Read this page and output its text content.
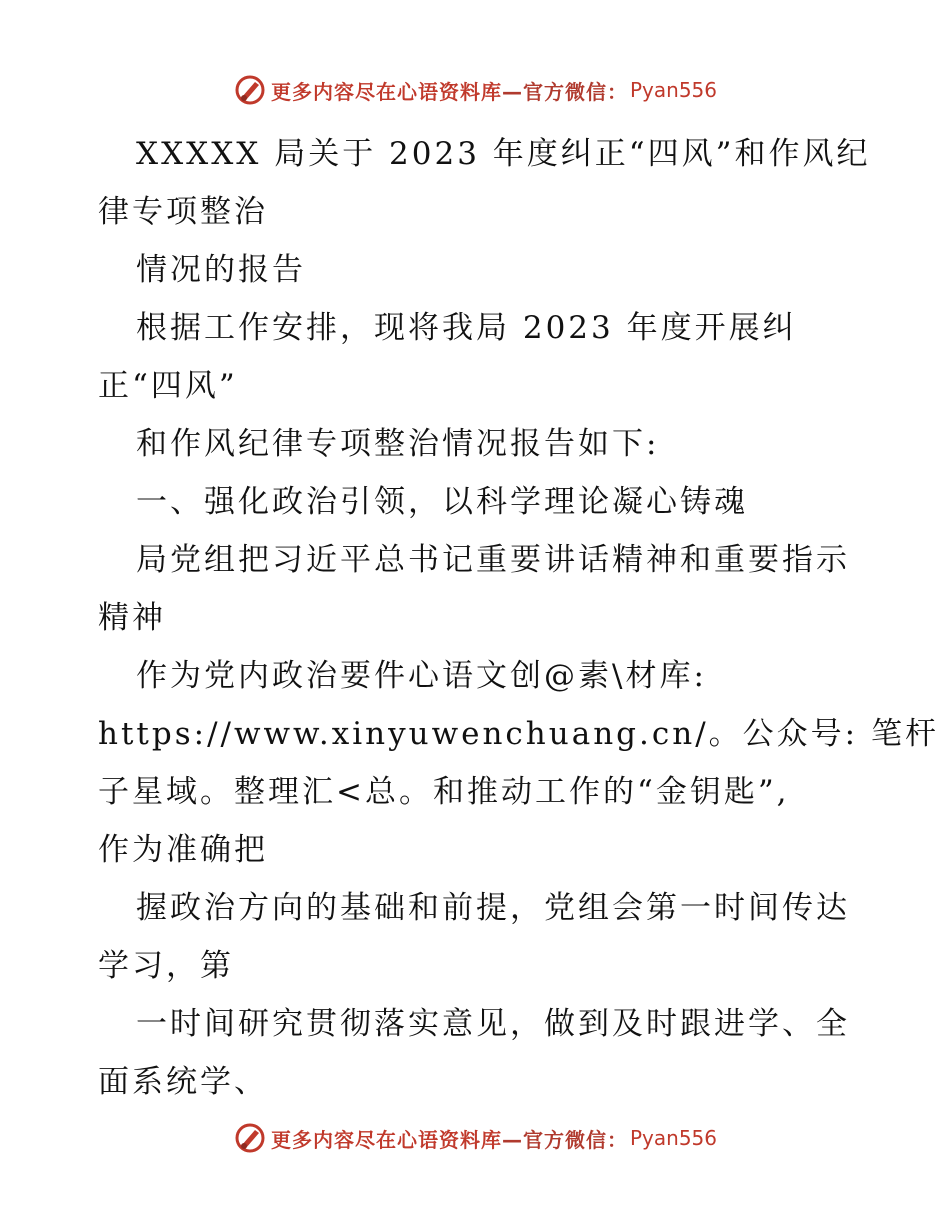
更多内容尽在心语资料库 —官方微信： Pyan556
XXXXX 局关于 2023 年度纠正“四风”和作风纪
律专项整治
情况的报告
根据工作安排，现将我局 2023 年度开展纠
正“四风”
和作风纪律专项整治情况报告如下:
一、强化政治引领，以科学理论凝心铸魂
局党组把习近平总书记重要讲话精神和重要指示
精神
作为党内政治要件心语文创@素\材库:
https://www.xinyuwenchuang.cn/。公众号: 笔杆
子星域。整理汇<总。和推动工作的“金钥匙”,
作为准确把
握政治方向的基础和前提，党组会第一时间传达
学习，第
一时间研究贯彻落实意见，做到及时跟进学、全
面系统学、
更多内容尽在心语资料库 —官方微信： Pyan556
